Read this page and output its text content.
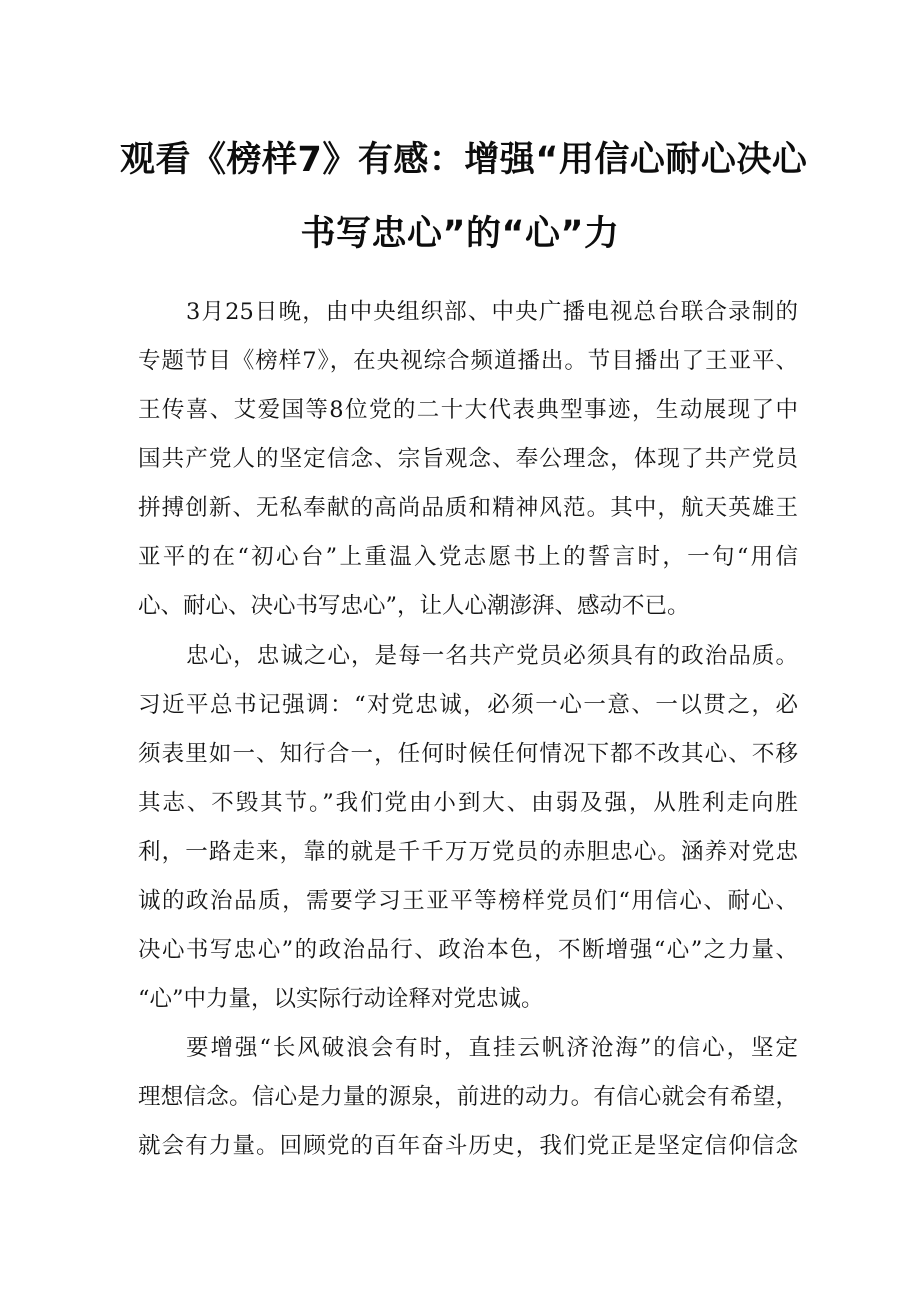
观看《榜样7》有感：增强“用信心耐心决心
书写忠心”的“心”力
3月25日晚，由中央组织部、中央广播电视总台联合录制的
专题节目《榜样7》，在央视综合频道播出。节目播出了王亚平、
王传喜、艾爱国等8位党的二十大代表典型事迹，生动展现了中
国共产党人的坚定信念、宗旨观念、奉公理念，体现了共产党员
拼搏创新、无私奉献的高尚品质和精神风范。其中，航天英雄王
亚平的在“初心台”上重温入党志愿书上的誓言时，一句“用信
心、耐心、决心书写忠心”，让人心潮澎湃、感动不已。
忠心，忠诚之心，是每一名共产党员必须具有的政治品质。
习近平总书记强调：“对党忠诚，必须一心一意、一以贯之，必
须表里如一、知行合一，任何时候任何情况下都不改其心、不移
其志、不毁其节。”我们党由小到大、由弱及强，从胜利走向胜
利，一路走来，靠的就是千千万万党员的赤胆忠心。涵养对党忠
诚的政治品质，需要学习王亚平等榜样党员们“用信心、耐心、
决心书写忠心”的政治品行、政治本色，不断增强“心”之力量、
“心”中力量，以实际行动诠释对党忠诚。
要增强“长风破浪会有时，直挂云帆济沧海”的信心，坚定
理想信念。信心是力量的源泉，前进的动力。有信心就会有希望，
就会有力量。回顾党的百年奋斗历史，我们党正是坚定信仰信念
